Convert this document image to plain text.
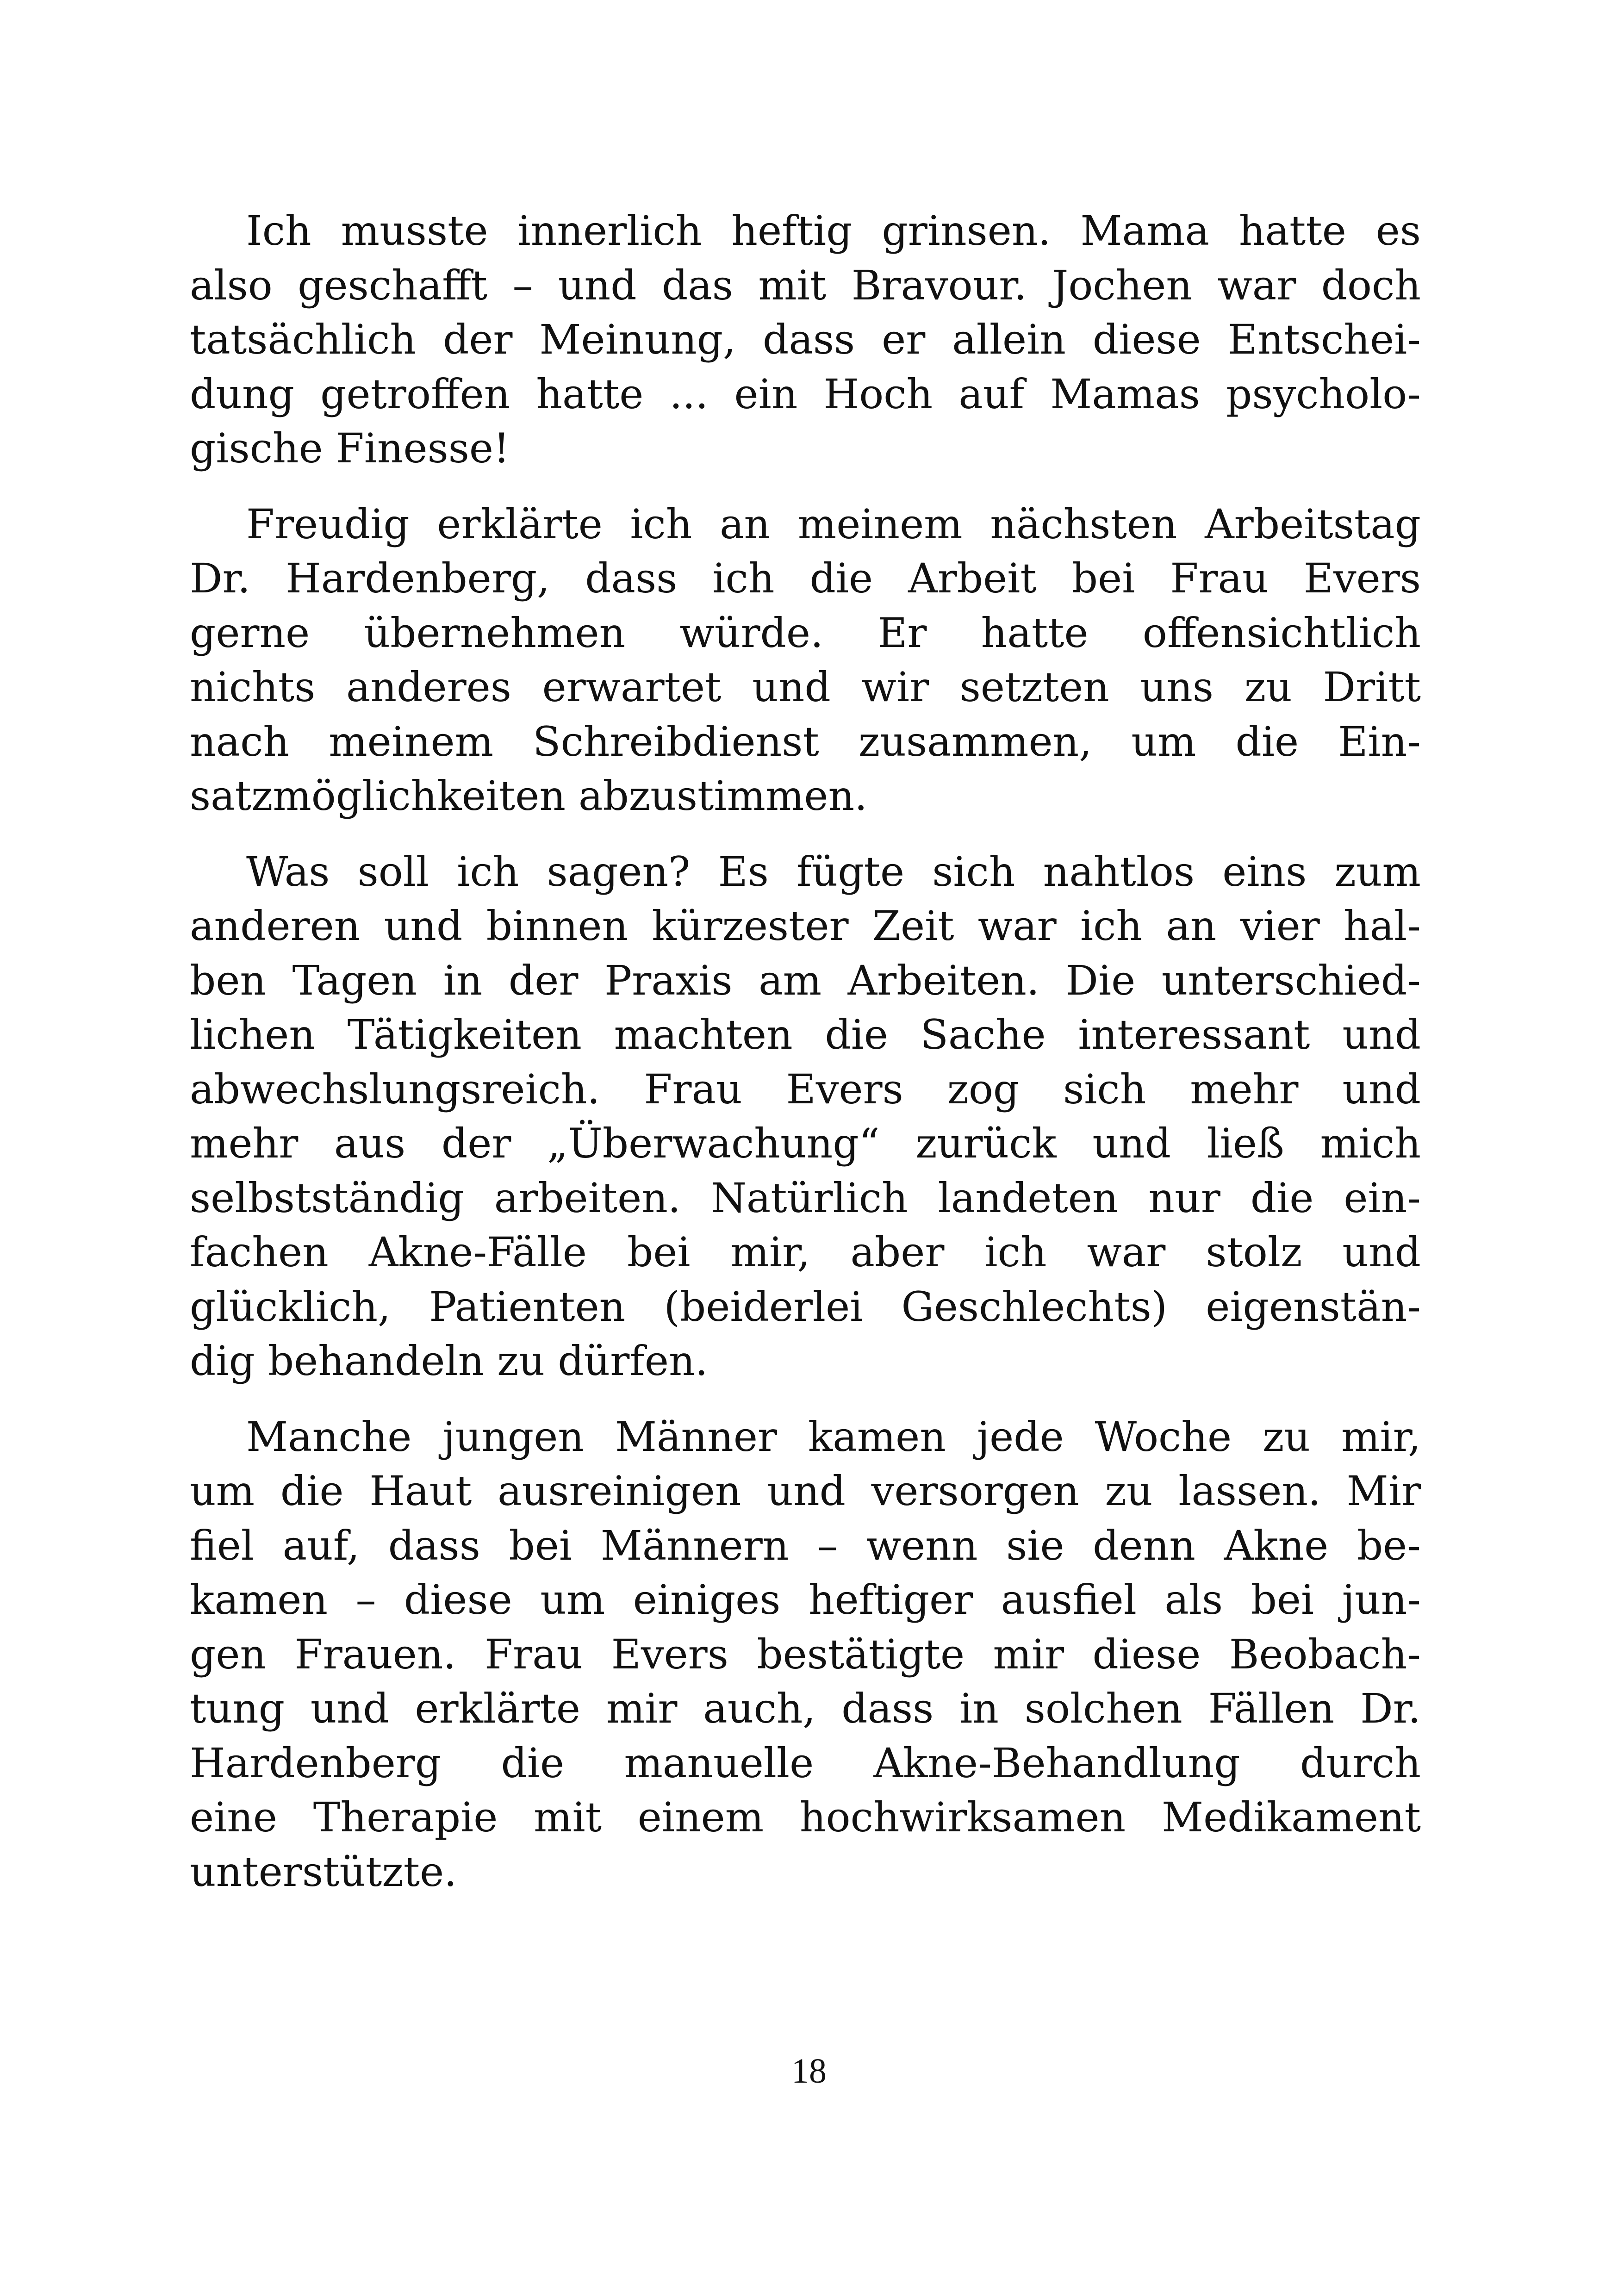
Ich musste innerlich heftig grinsen. Mama hatte es
also geschafft – und das mit Bravour. Jochen war doch
tatsächlich der Meinung, dass er allein diese Entschei-
dung getroffen hatte ... ein Hoch auf Mamas psycholo-
gische Finesse!

Freudig erklärte ich an meinem nächsten Arbeitstag
Dr. Hardenberg, dass ich die Arbeit bei Frau Evers
gerne übernehmen würde. Er hatte offensichtlich
nichts anderes erwartet und wir setzten uns zu Dritt
nach meinem Schreibdienst zusammen, um die Ein-
satzmöglichkeiten abzustimmen.

Was soll ich sagen? Es fügte sich nahtlos eins zum
anderen und binnen kürzester Zeit war ich an vier hal-
ben Tagen in der Praxis am Arbeiten. Die unterschied-
lichen Tätigkeiten machten die Sache interessant und
abwechslungsreich. Frau Evers zog sich mehr und
mehr aus der „Überwachung“ zurück und ließ mich
selbstständig arbeiten. Natürlich landeten nur die ein-
fachen Akne-Fälle bei mir, aber ich war stolz und
glücklich, Patienten (beiderlei Geschlechts) eigenstän-
dig behandeln zu dürfen.

Manche jungen Männer kamen jede Woche zu mir,
um die Haut ausreinigen und versorgen zu lassen. Mir
fiel auf, dass bei Männern – wenn sie denn Akne be-
kamen – diese um einiges heftiger ausfiel als bei jun-
gen Frauen. Frau Evers bestätigte mir diese Beobach-
tung und erklärte mir auch, dass in solchen Fällen Dr.
Hardenberg die manuelle Akne-Behandlung durch
eine Therapie mit einem hochwirksamen Medikament
unterstützte.

18
